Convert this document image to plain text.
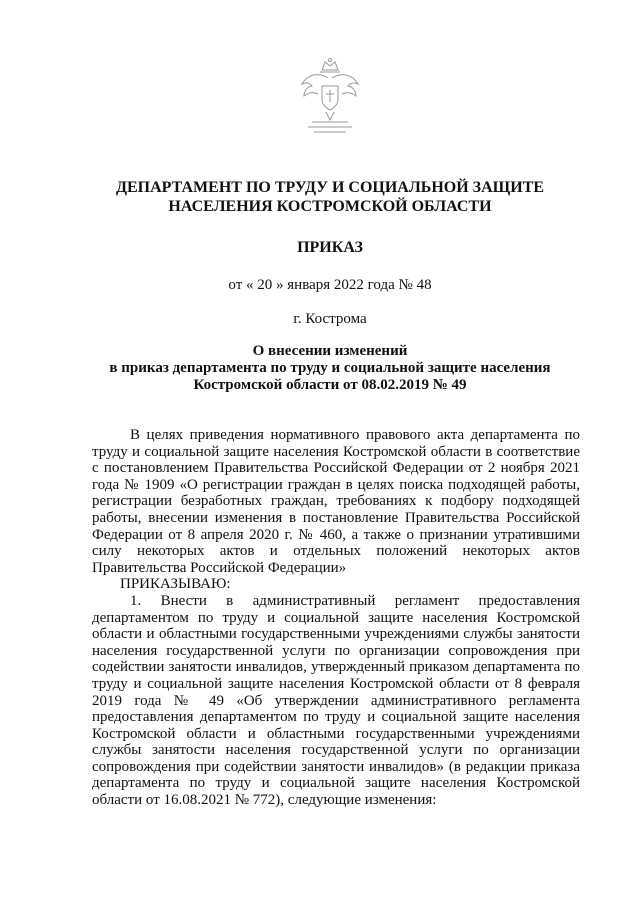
ДЕПАРТАМЕНТ ПО ТРУДУ И СОЦИАЛЬНОЙ ЗАЩИТЕ
НАСЕЛЕНИЯ КОСТРОМСКОЙ ОБЛАСТИ
ПРИКАЗ
от « 20 » января 2022 года № 48
г. Кострома
О внесении изменений
в приказ департамента по труду и социальной защите населения
Костромской области от 08.02.2019 № 49

В целях приведения нормативного правового акта департамента по труду и социальной защите населения Костромской области в соответствие с постановлением Правительства Российской Федерации от 2 ноября 2021 года № 1909 «О регистрации граждан в целях поиска подходящей работы, регистрации безработных граждан, требованиях к подбору подходящей работы, внесении изменения в постановление Правительства Российской Федерации от 8 апреля 2020 г. № 460, а также о признании утратившими силу некоторых актов и отдельных положений некоторых актов Правительства Российской Федерации»

ПРИКАЗЫВАЮ:

1. Внести в административный регламент предоставления департаментом по труду и социальной защите населения Костромской области и областными государственными учреждениями службы занятости населения государственной услуги по организации сопровождения при содействии занятости инвалидов, утвержденный приказом департамента по труду и социальной защите населения Костромской области от 8 февраля 2019 года № 49 «Об утверждении административного регламента предоставления департаментом по труду и социальной защите населения Костромской области и областными государственными учреждениями службы занятости населения государственной услуги по организации сопровождения при содействии занятости инвалидов» (в редакции приказа департамента по труду и социальной защите населения Костромской области от 16.08.2021 № 772), следующие изменения:
